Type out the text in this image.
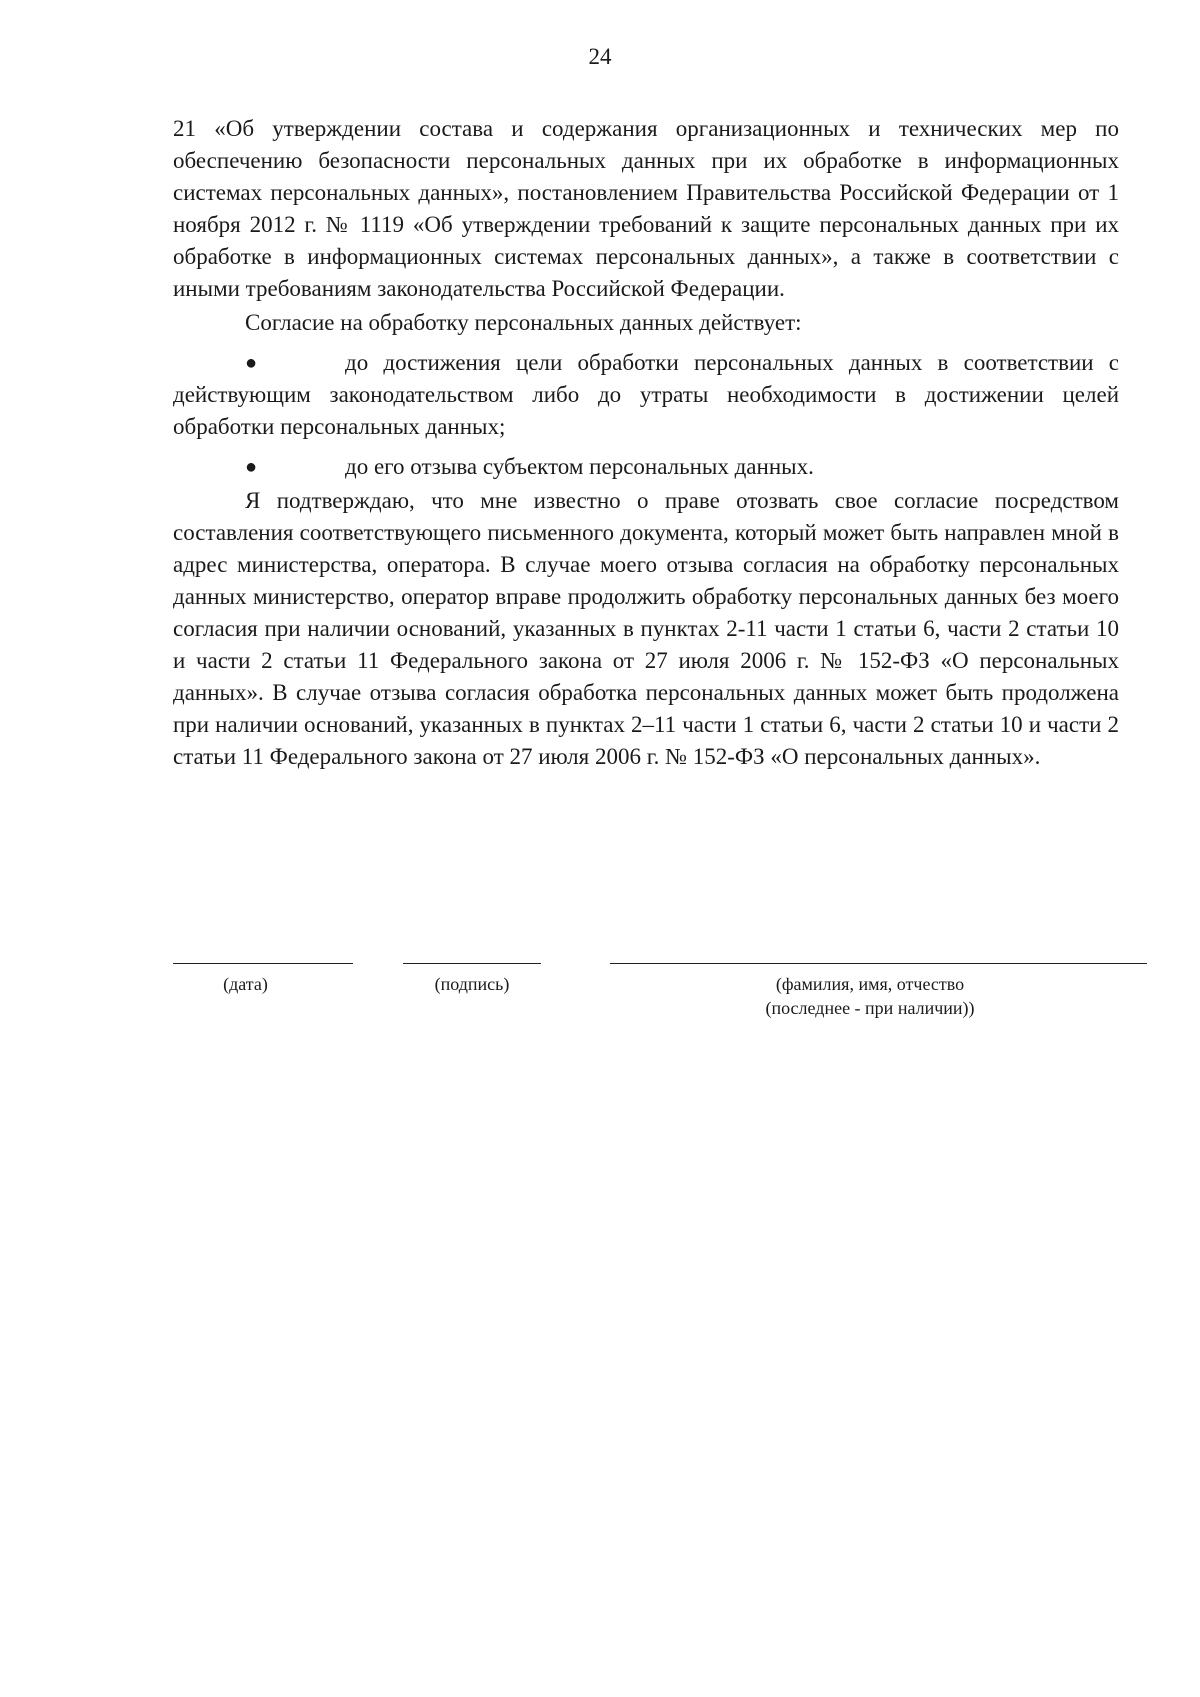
24

21 «Об утверждении состава и содержания организационных и технических мер по обеспечению безопасности персональных данных при их обработке в информационных системах персональных данных», постановлением Правительства Российской Федерации от 1 ноября 2012 г. № 1119 «Об утверждении требований к защите персональных данных при их обработке в информационных системах персональных данных», а также в соответствии с иными требованиям законодательства Российской Федерации.

Согласие на обработку персональных данных действует:

●	до достижения цели обработки персональных данных в соответствии с действующим законодательством либо до утраты необходимости в достижении целей обработки персональных данных;
●	до его отзыва субъектом персональных данных.

Я подтверждаю, что мне известно о праве отозвать свое согласие посредством составления соответствующего письменного документа, который может быть направлен мной в адрес министерства, оператора. В случае моего отзыва согласия на обработку персональных данных министерство, оператор вправе продолжить обработку персональных данных без моего согласия при наличии оснований, указанных в пунктах 2-11 части 1 статьи 6, части 2 статьи 10 и части 2 статьи 11 Федерального закона от 27 июля 2006 г. № 152-ФЗ «О персональных данных». В случае отзыва согласия обработка персональных данных может быть продолжена при наличии оснований, указанных в пунктах 2–11 части 1 статьи 6, части 2 статьи 10 и части 2 статьи 11 Федерального закона от 27 июля 2006 г. № 152-ФЗ «О персональных данных».

(дата)	(подпись)	(фамилия, имя, отчество
(последнее - при наличии))
